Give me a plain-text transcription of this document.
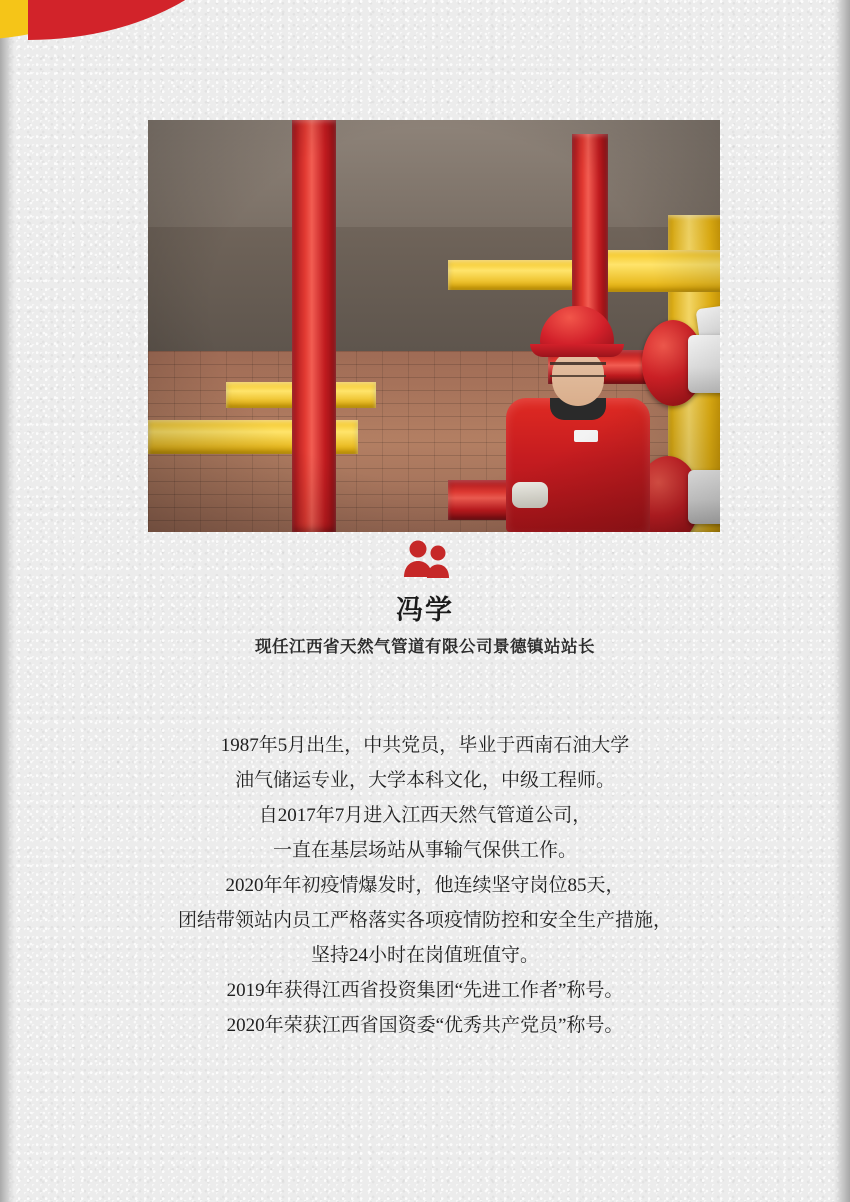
冯学
现任江西省天然气管道有限公司景德镇站站长
1987年5月出生，中共党员，毕业于西南石油大学
油气储运专业，大学本科文化，中级工程师。
自2017年7月进入江西天然气管道公司，
一直在基层场站从事输气保供工作。
2020年年初疫情爆发时，他连续坚守岗位85天，
团结带领站内员工严格落实各项疫情防控和安全生产措施，
坚持24小时在岗值班值守。
2019年获得江西省投资集团“先进工作者”称号。
2020年荣获江西省国资委“优秀共产党员”称号。
